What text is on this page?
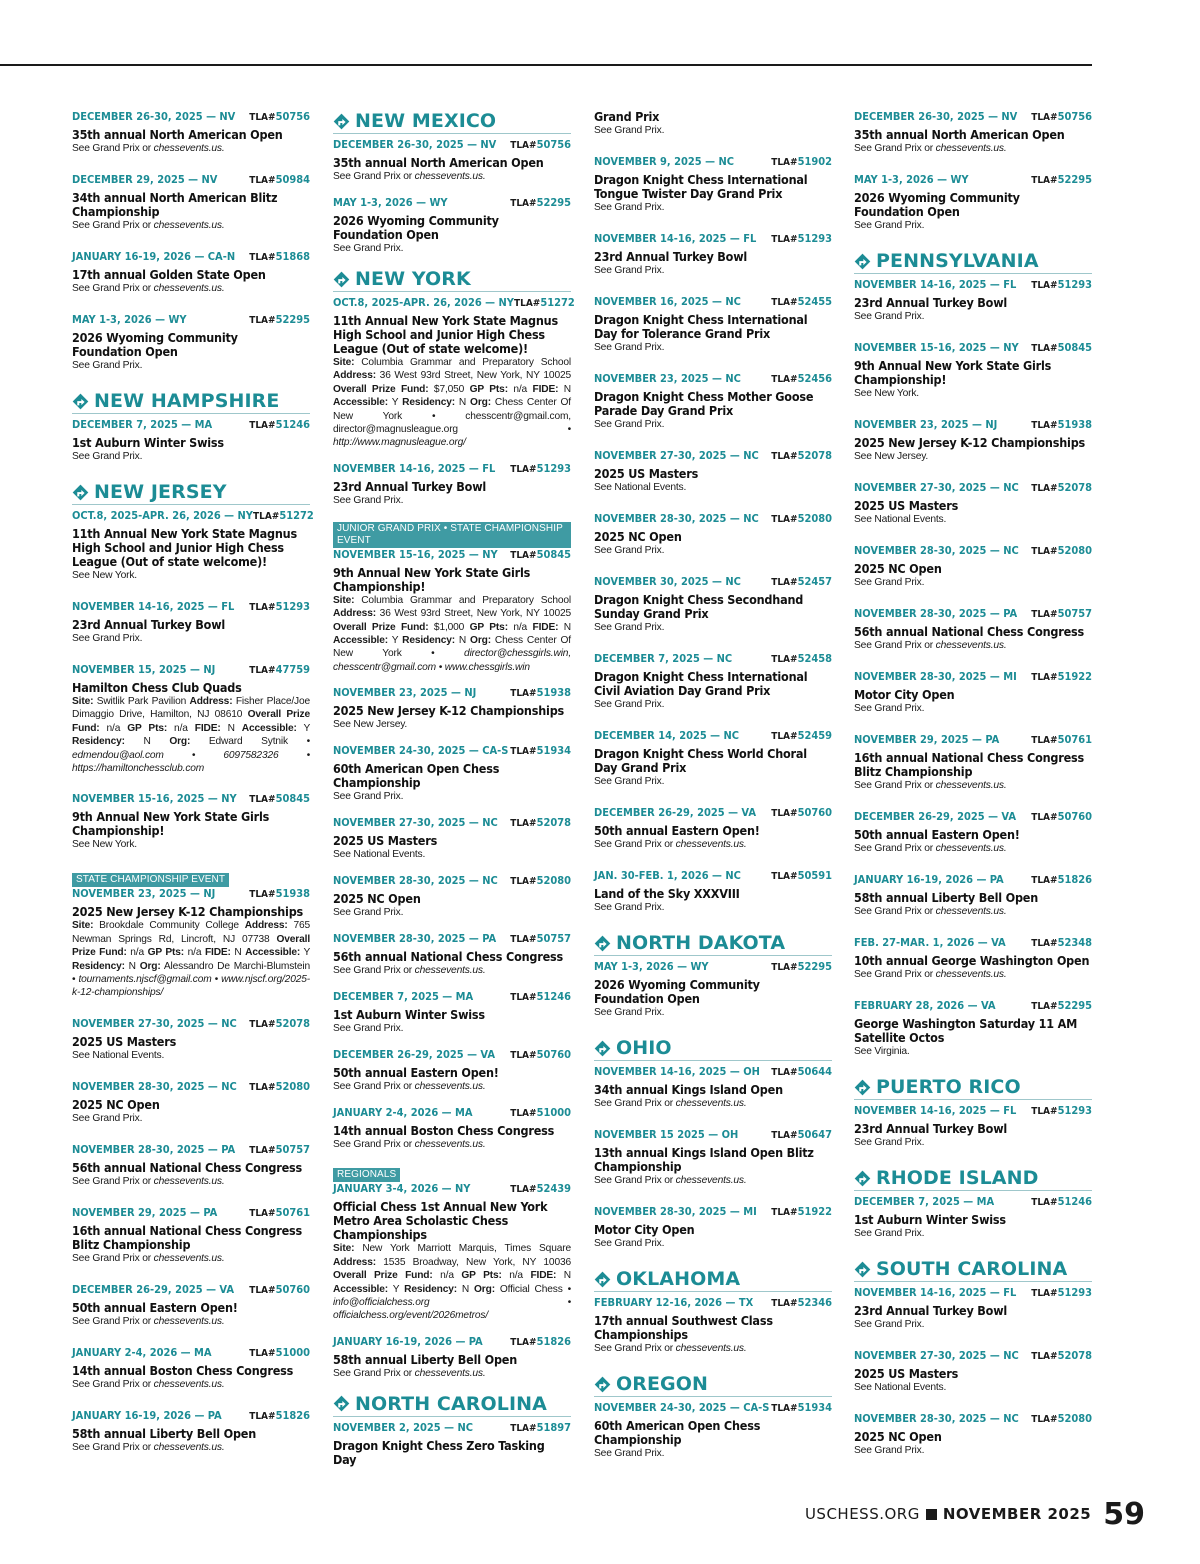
DECEMBER 26-30, 2025 — NV TLA#50756
35th annual North American Open
See Grand Prix or chessevents.us.
DECEMBER 29, 2025 — NV	TLA#50984
34th annual North American Blitz Championship
See Grand Prix or chessevents.us.
JANUARY 16-19, 2026 — CA-N TLA#51868
17th annual Golden State Open
See Grand Prix or chessevents.us.
MAY 1-3, 2026 — WY	TLA#52295
2026 Wyoming Community Foundation Open
See Grand Prix.
NEW HAMPSHIRE
DECEMBER 7, 2025 — MA	TLA#51246
1st Auburn Winter Swiss
See Grand Prix.
NEW JERSEY
OCT.8, 2025-APR. 26, 2026 — NY TLA#51272
11th Annual New York State Magnus High School and Junior High Chess League (Out of state welcome)!
See New York.
NOVEMBER 14-16, 2025 — FL TLA#51293
23rd Annual Turkey Bowl
See Grand Prix.
NOVEMBER 15, 2025 — NJ	TLA#47759
Hamilton Chess Club Quads
Site: Switlik Park Pavilion Address: Fisher Place/Joe Dimaggio Drive, Hamilton, NJ 08610 Overall Prize Fund: n/a GP Pts: n/a FIDE: N Accessible: Y Residency: N Org: Edward Sytnik • edmendou@aol.com • 6097582326 • https://hamiltonchessclub.com
NOVEMBER 15-16, 2025 — NY TLA#50845
9th Annual New York State Girls Championship!
See New York.
STATE CHAMPIONSHIP EVENT
NOVEMBER 23, 2025 — NJ	TLA#51938
2025 New Jersey K-12 Championships
Site: Brookdale Community College Address: 765 Newman Springs Rd, Lincroft, NJ 07738 Overall Prize Fund: n/a GP Pts: n/a FIDE: N Accessible: Y Residency: N Org: Alessandro De Marchi-Blumstein • tournaments.njscf@gmail.com • www.njscf.org/2025-k-12-championships/
NOVEMBER 27-30, 2025 — NC TLA#52078
2025 US Masters
See National Events.
NOVEMBER 28-30, 2025 — NC TLA#52080
2025 NC Open
See Grand Prix.
NOVEMBER 28-30, 2025 — PA TLA#50757
56th annual National Chess Congress
See Grand Prix or chessevents.us.
NOVEMBER 29, 2025 — PA	TLA#50761
16th annual National Chess Congress Blitz Championship
See Grand Prix or chessevents.us.
DECEMBER 26-29, 2025 — VA TLA#50760
50th annual Eastern Open!
See Grand Prix or chessevents.us.
JANUARY 2-4, 2026 — MA	TLA#51000
14th annual Boston Chess Congress
See Grand Prix or chessevents.us.
JANUARY 16-19, 2026 — PA	TLA#51826
58th annual Liberty Bell Open
See Grand Prix or chessevents.us.
NEW MEXICO
DECEMBER 26-30, 2025 — NV TLA#50756
35th annual North American Open
See Grand Prix or chessevents.us.
MAY 1-3, 2026 — WY	TLA#52295
2026 Wyoming Community Foundation Open
See Grand Prix.
NEW YORK
OCT.8, 2025-APR. 26, 2026 — NY TLA#51272
11th Annual New York State Magnus High School and Junior High Chess League (Out of state welcome)!
Site: Columbia Grammar and Preparatory School Address: 36 West 93rd Street, New York, NY 10025 Overall Prize Fund: $7,050 GP Pts: n/a FIDE: N Accessible: Y Residency: N Org: Chess Center Of New York • chesscentr@gmail.com, director@magnusleague.org • http://www.magnusleague.org/
NOVEMBER 14-16, 2025 — FL TLA#51293
23rd Annual Turkey Bowl
See Grand Prix.
JUNIOR GRAND PRIX • STATE CHAMPIONSHIP EVENT
NOVEMBER 15-16, 2025 — NY TLA#50845
9th Annual New York State Girls Championship!
Site: Columbia Grammar and Preparatory School Address: 36 West 93rd Street, New York, NY 10025 Overall Prize Fund: $1,000 GP Pts: n/a FIDE: N Accessible: Y Residency: N Org: Chess Center Of New York • director@chessgirls.win, chesscentr@gmail.com • www.chessgirls.win
NOVEMBER 23, 2025 — NJ	TLA#51938
2025 New Jersey K-12 Championships
See New Jersey.
NOVEMBER 24-30, 2025 — CA-S TLA#51934
60th American Open Chess Championship
See Grand Prix.
NOVEMBER 27-30, 2025 — NC TLA#52078
2025 US Masters
See National Events.
NOVEMBER 28-30, 2025 — NC TLA#52080
2025 NC Open
See Grand Prix.
NOVEMBER 28-30, 2025 — PA TLA#50757
56th annual National Chess Congress
See Grand Prix or chessevents.us.
DECEMBER 7, 2025 — MA	TLA#51246
1st Auburn Winter Swiss
See Grand Prix.
DECEMBER 26-29, 2025 — VA TLA#50760
50th annual Eastern Open!
See Grand Prix or chessevents.us.
JANUARY 2-4, 2026 — MA	TLA#51000
14th annual Boston Chess Congress
See Grand Prix or chessevents.us.
REGIONALS
JANUARY 3-4, 2026 — NY	TLA#52439
Official Chess 1st Annual New York Metro Area Scholastic Chess Championships
Site: New York Marriott Marquis, Times Square Address: 1535 Broadway, New York, NY 10036 Overall Prize Fund: n/a GP Pts: n/a FIDE: N Accessible: Y Residency: N Org: Official Chess • info@officialchess.org • officialchess.org/event/2026metros/
JANUARY 16-19, 2026 — PA	TLA#51826
58th annual Liberty Bell Open
See Grand Prix or chessevents.us.
NORTH CAROLINA
NOVEMBER 2, 2025 — NC	TLA#51897
Dragon Knight Chess Zero Tasking Day
Grand Prix
See Grand Prix.
NOVEMBER 9, 2025 — NC	TLA#51902
Dragon Knight Chess International Tongue Twister Day Grand Prix
See Grand Prix.
NOVEMBER 14-16, 2025 — FL TLA#51293
23rd Annual Turkey Bowl
See Grand Prix.
NOVEMBER 16, 2025 — NC	TLA#52455
Dragon Knight Chess International Day for Tolerance Grand Prix
See Grand Prix.
NOVEMBER 23, 2025 — NC	TLA#52456
Dragon Knight Chess Mother Goose Parade Day Grand Prix
See Grand Prix.
NOVEMBER 27-30, 2025 — NC TLA#52078
2025 US Masters
See National Events.
NOVEMBER 28-30, 2025 — NC TLA#52080
2025 NC Open
See Grand Prix.
NOVEMBER 30, 2025 — NC	TLA#52457
Dragon Knight Chess Secondhand Sunday Grand Prix
See Grand Prix.
DECEMBER 7, 2025 — NC	TLA#52458
Dragon Knight Chess International Civil Aviation Day Grand Prix
See Grand Prix.
DECEMBER 14, 2025 — NC	TLA#52459
Dragon Knight Chess World Choral Day Grand Prix
See Grand Prix.
DECEMBER 26-29, 2025 — VA TLA#50760
50th annual Eastern Open!
See Grand Prix or chessevents.us.
JAN. 30-FEB. 1, 2026 — NC	TLA#50591
Land of the Sky XXXVIII
See Grand Prix.
NORTH DAKOTA
MAY 1-3, 2026 — WY	TLA#52295
2026 Wyoming Community Foundation Open
See Grand Prix.
OHIO
NOVEMBER 14-16, 2025 — OH TLA#50644
34th annual Kings Island Open
See Grand Prix or chessevents.us.
NOVEMBER 15 2025 — OH	TLA#50647
13th annual Kings Island Open Blitz Championship
See Grand Prix or chessevents.us.
NOVEMBER 28-30, 2025 — MI TLA#51922
Motor City Open
See Grand Prix.
OKLAHOMA
FEBRUARY 12-16, 2026 — TX TLA#52346
17th annual Southwest Class Championships
See Grand Prix or chessevents.us.
OREGON
NOVEMBER 24-30, 2025 — CA-S TLA#51934
60th American Open Chess Championship
See Grand Prix.
DECEMBER 26-30, 2025 — NV TLA#50756
35th annual North American Open
See Grand Prix or chessevents.us.
MAY 1-3, 2026 — WY	TLA#52295
2026 Wyoming Community Foundation Open
See Grand Prix.
PENNSYLVANIA
NOVEMBER 14-16, 2025 — FL TLA#51293
23rd Annual Turkey Bowl
See Grand Prix.
NOVEMBER 15-16, 2025 — NY TLA#50845
9th Annual New York State Girls Championship!
See New York.
NOVEMBER 23, 2025 — NJ	TLA#51938
2025 New Jersey K-12 Championships
See New Jersey.
NOVEMBER 27-30, 2025 — NC TLA#52078
2025 US Masters
See National Events.
NOVEMBER 28-30, 2025 — NC TLA#52080
2025 NC Open
See Grand Prix.
NOVEMBER 28-30, 2025 — PA TLA#50757
56th annual National Chess Congress
See Grand Prix or chessevents.us.
NOVEMBER 28-30, 2025 — MI TLA#51922
Motor City Open
See Grand Prix.
NOVEMBER 29, 2025 — PA	TLA#50761
16th annual National Chess Congress Blitz Championship
See Grand Prix or chessevents.us.
DECEMBER 26-29, 2025 — VA TLA#50760
50th annual Eastern Open!
See Grand Prix or chessevents.us.
JANUARY 16-19, 2026 — PA	TLA#51826
58th annual Liberty Bell Open
See Grand Prix or chessevents.us.
FEB. 27-MAR. 1, 2026 — VA	TLA#52348
10th annual George Washington Open
See Grand Prix or chessevents.us.
FEBRUARY 28, 2026 — VA	TLA#52295
George Washington Saturday 11 AM Satellite Octos
See Virginia.
PUERTO RICO
NOVEMBER 14-16, 2025 — FL TLA#51293
23rd Annual Turkey Bowl
See Grand Prix.
RHODE ISLAND
DECEMBER 7, 2025 — MA	TLA#51246
1st Auburn Winter Swiss
See Grand Prix.
SOUTH CAROLINA
NOVEMBER 14-16, 2025 — FL TLA#51293
23rd Annual Turkey Bowl
See Grand Prix.
NOVEMBER 27-30, 2025 — NC TLA#52078
2025 US Masters
See National Events.
NOVEMBER 28-30, 2025 — NC TLA#52080
2025 NC Open
See Grand Prix.
USCHESS.ORG NOVEMBER 2025 59
